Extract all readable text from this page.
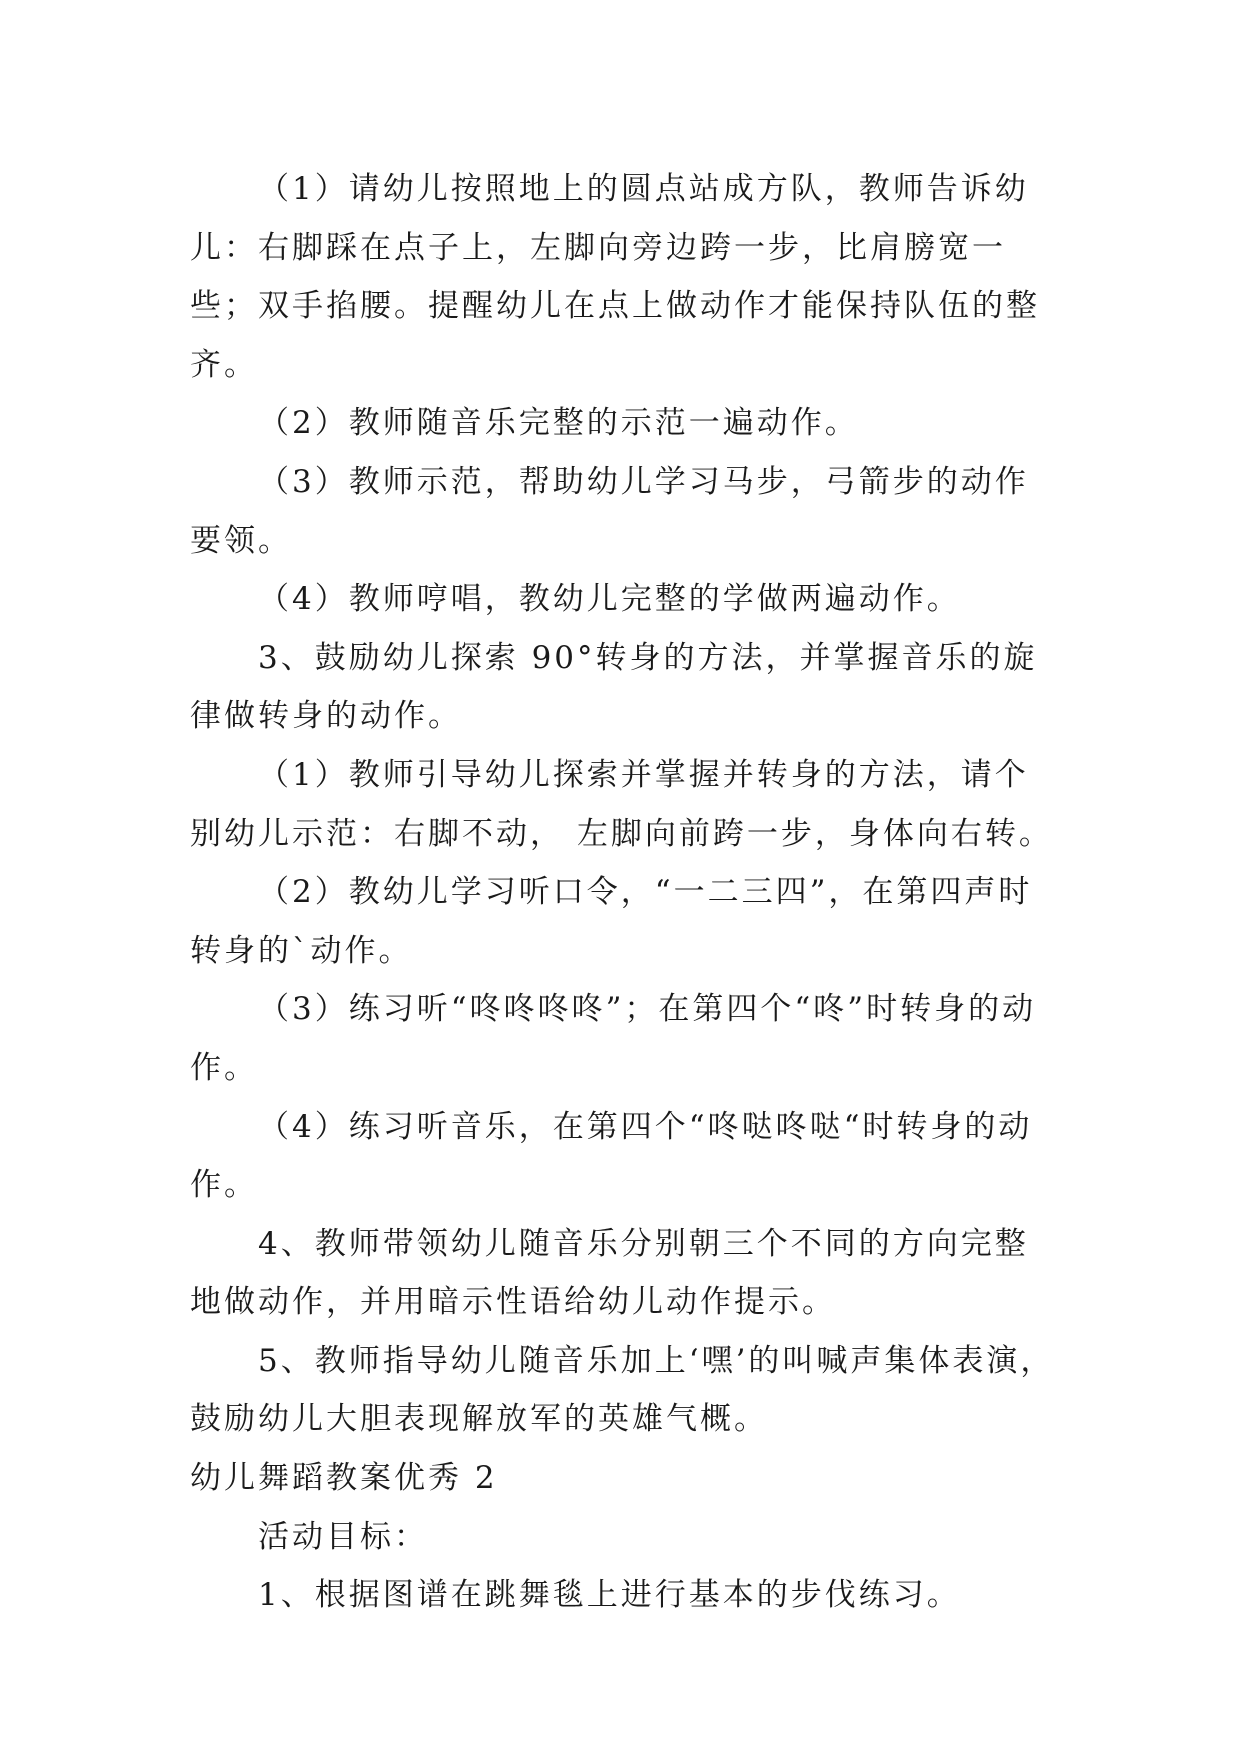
（1）请幼儿按照地上的圆点站成方队，教师告诉幼儿：右脚踩在点子上，左脚向旁边跨一步，比肩膀宽一些；双手掐腰。提醒幼儿在点上做动作才能保持队伍的整齐。

（2）教师随音乐完整的示范一遍动作。

（3）教师示范，帮助幼儿学习马步，弓箭步的动作要领。

（4）教师哼唱，教幼儿完整的学做两遍动作。

3、鼓励幼儿探索 90°转身的方法，并掌握音乐的旋律做转身的动作。

（1）教师引导幼儿探索并掌握并转身的方法，请个别幼儿示范：右脚不动， 左脚向前跨一步，身体向右转。

（2）教幼儿学习听口令，“一二三四”，在第四声时转身的`动作。

（3）练习听“咚咚咚咚”；在第四个“咚”时转身的动作。

（4）练习听音乐，在第四个“咚哒咚哒“时转身的动作。

4、教师带领幼儿随音乐分别朝三个不同的方向完整地做动作，并用暗示性语给幼儿动作提示。

5、教师指导幼儿随音乐加上‘嘿’的叫喊声集体表演，鼓励幼儿大胆表现解放军的英雄气概。

幼儿舞蹈教案优秀 2

活动目标：

1、根据图谱在跳舞毯上进行基本的步伐练习。
